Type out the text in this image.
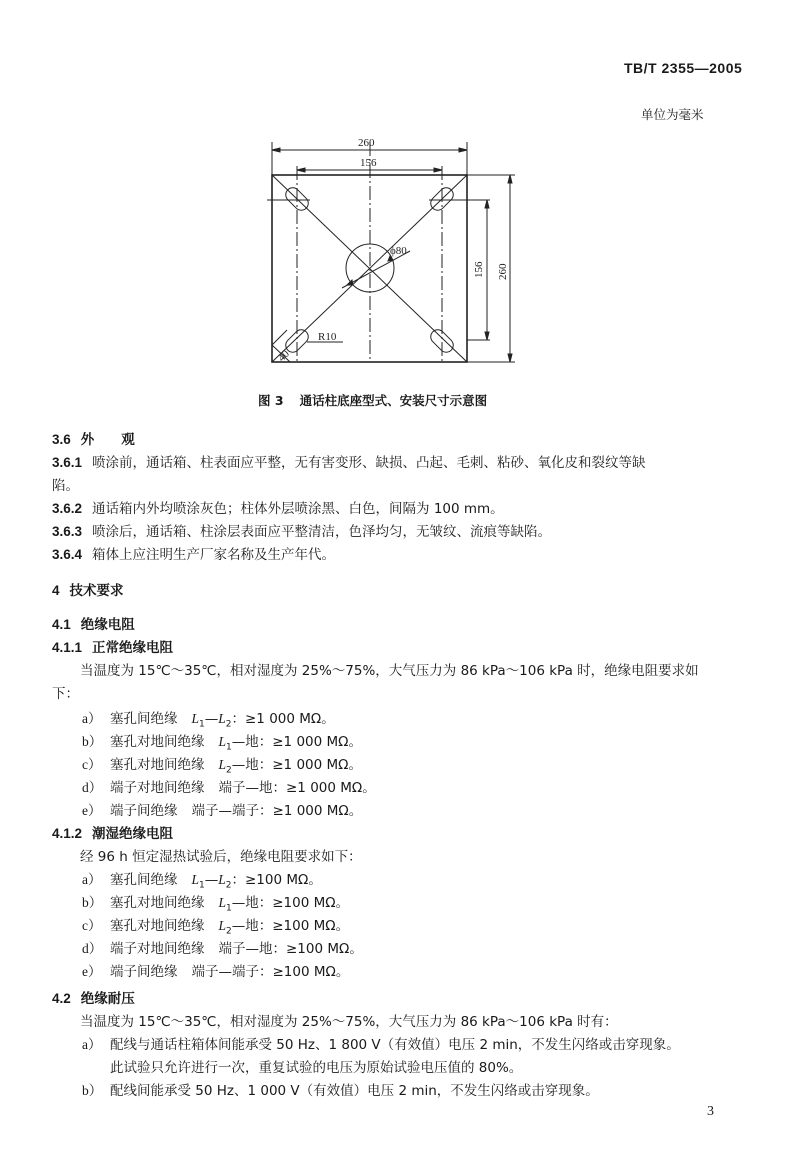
TB/T 2355—2005
单位为毫米
260
156
ϕ80
R10
40
156 260
图 3 通话柱底座型式、安装尺寸示意图
3.6 外　　观
3.6.1 喷涂前，通话箱、柱表面应平整，无有害变形、缺损、凸起、毛刺、粘砂、氧化皮和裂纹等缺
陷。
3.6.2 通话箱内外均喷涂灰色；柱体外层喷涂黑、白色，间隔为 100 mm。
3.6.3 喷涂后，通话箱、柱涂层表面应平整清洁，色泽均匀，无皱纹、流痕等缺陷。
3.6.4 箱体上应注明生产厂家名称及生产年代。
4 技术要求
4.1 绝缘电阻
4.1.1 正常绝缘电阻
当温度为 15℃～35℃，相对湿度为 25%～75%，大气压力为 86 kPa～106 kPa 时，绝缘电阻要求如
下：
a） 塞孔间绝缘 $L_1—L_2$：≥1 000 MΩ。
b） 塞孔对地间绝缘 $L_1—$地：≥1 000 MΩ。
c） 塞孔对地间绝缘 $L_2—$地：≥1 000 MΩ。
d） 端子对地间绝缘 端子—地：≥1 000 MΩ。
e） 端子间绝缘 端子—端子：≥1 000 MΩ。
4.1.2 潮湿绝缘电阻
经 96 h 恒定湿热试验后，绝缘电阻要求如下：
a） 塞孔间绝缘 $L_1—L_2$：≥100 MΩ。
b） 塞孔对地间绝缘 $L_1—$地：≥100 MΩ。
c） 塞孔对地间绝缘 $L_2—$地：≥100 MΩ。
d） 端子对地间绝缘 端子—地：≥100 MΩ。
e） 端子间绝缘 端子—端子：≥100 MΩ。
4.2 绝缘耐压
当温度为 15℃～35℃，相对湿度为 25%～75%，大气压力为 86 kPa～106 kPa 时有：
a） 配线与通话柱箱体间能承受 50 Hz、1 800 V（有效值）电压 2 min，不发生闪络或击穿现象。
此试验只允许进行一次，重复试验的电压为原始试验电压值的 80%。
b） 配线间能承受 50 Hz、1 000 V（有效值）电压 2 min，不发生闪络或击穿现象。
3
